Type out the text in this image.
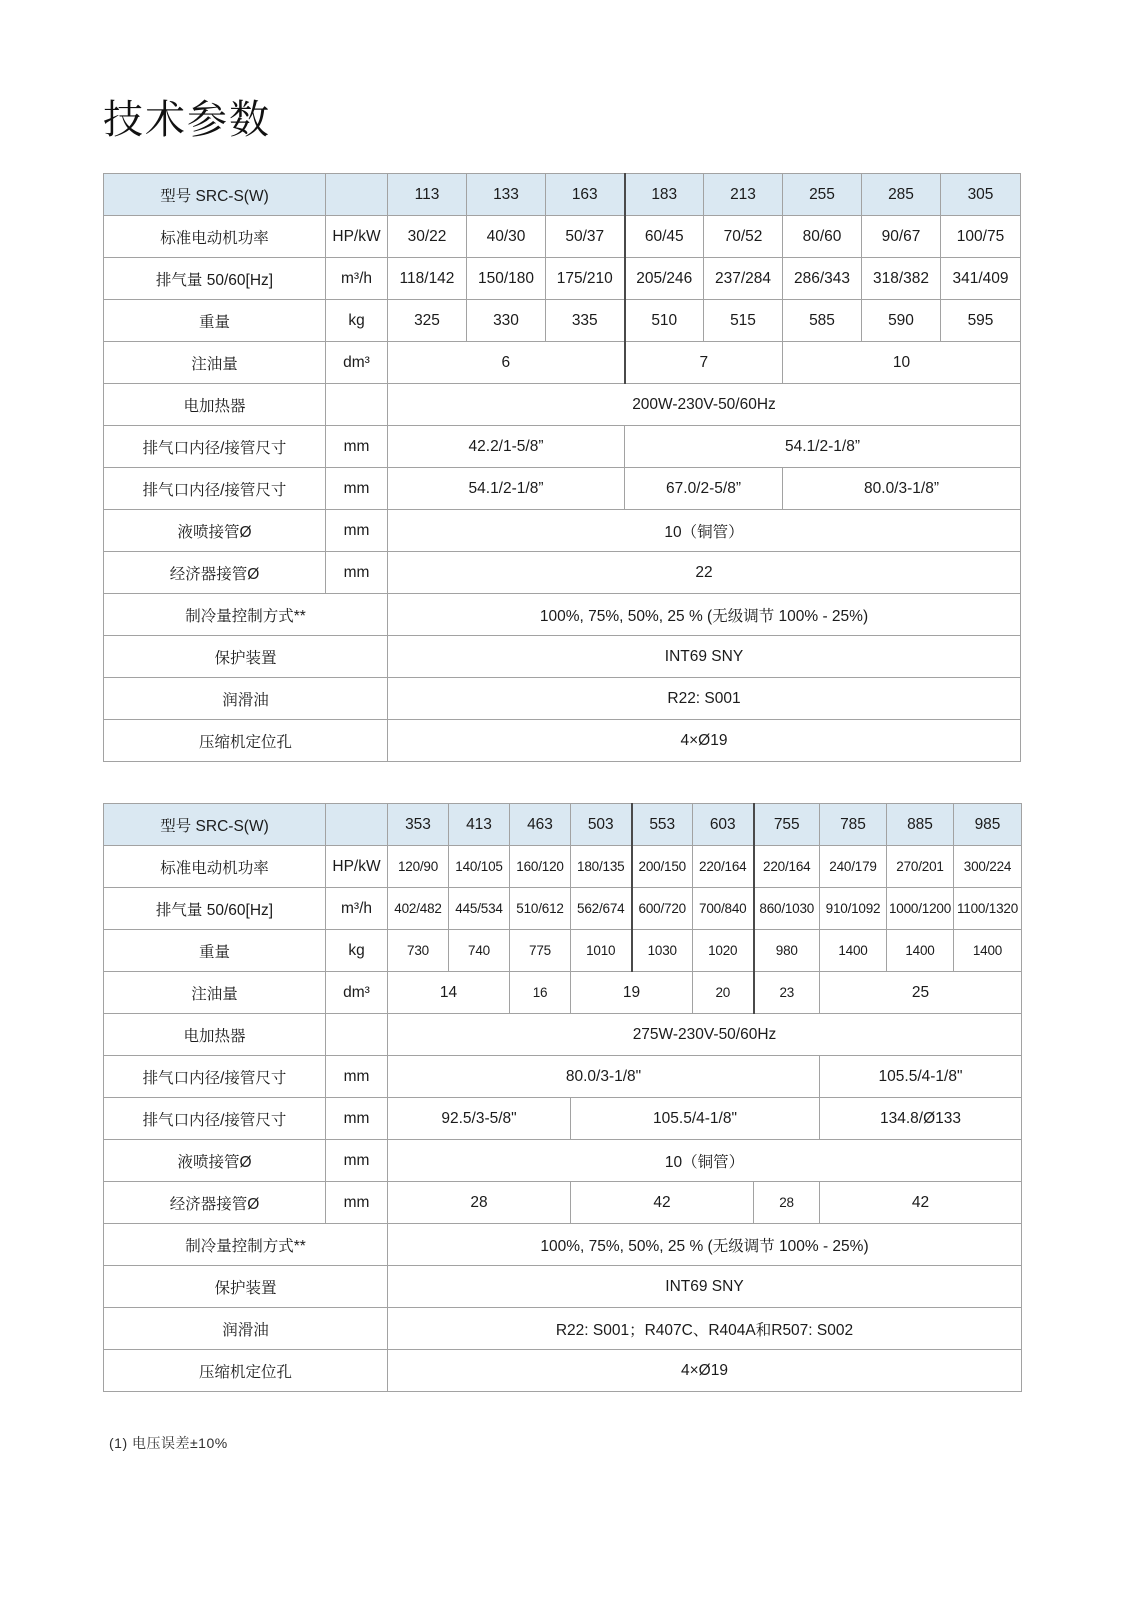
技术参数
型号 SRC-S(W)		113	133	163	183	213	255	285	305
标准电动机功率	HP/kW	30/22	40/30	50/37	60/45	70/52	80/60	90/67	100/75
排气量 50/60[Hz]	m³/h	118/142	150/180	175/210	205/246	237/284	286/343	318/382	341/409
重量	kg	325	330	335	510	515	585	590	595
注油量	dm³	6			7		10		
电加热器		200W-230V-50/60Hz							
排气口内径/接管尺寸	mm	42.2/1-5/8”			54.1/2-1/8”				
排气口内径/接管尺寸	mm	54.1/2-1/8”			67.0/2-5/8”		80.0/3-1/8”		
液喷接管Ø	mm	10（铜管）							
经济器接管Ø	mm	22							
制冷量控制方式**		100%, 75%, 50%, 25 % (无级调节 100% - 25%)							
保护装置		INT69 SNY							
润滑油		R22: S001							
压缩机定位孔		4×Ø19							
型号 SRC-S(W)		353	413	463	503	553	603	755	785	885	985
标准电动机功率	HP/kW	120/90	140/105	160/120	180/135	200/150	220/164	220/164	240/179	270/201	300/224
排气量 50/60[Hz]	m³/h	402/482	445/534	510/612	562/674	600/720	700/840	860/1030	910/1092	1000/1200	1100/1320
重量	kg	730	740	775	1010	1030	1020	980	1400	1400	1400
注油量	dm³	14		16	19		20	23	25		
电加热器		275W-230V-50/60Hz									
排气口内径/接管尺寸	mm	80.0/3-1/8"							105.5/4-1/8"		
排气口内径/接管尺寸	mm	92.5/3-5/8"			105.5/4-1/8"				134.8/Ø133		
液喷接管Ø	mm	10（铜管）									
经济器接管Ø	mm	28			42			28	42		
制冷量控制方式**		100%, 75%, 50%, 25 % (无级调节 100% - 25%)									
保护装置		INT69 SNY									
润滑油		R22: S001；R407C、R404A和R507: S002									
压缩机定位孔		4×Ø19									

(1) 电压误差±10%
